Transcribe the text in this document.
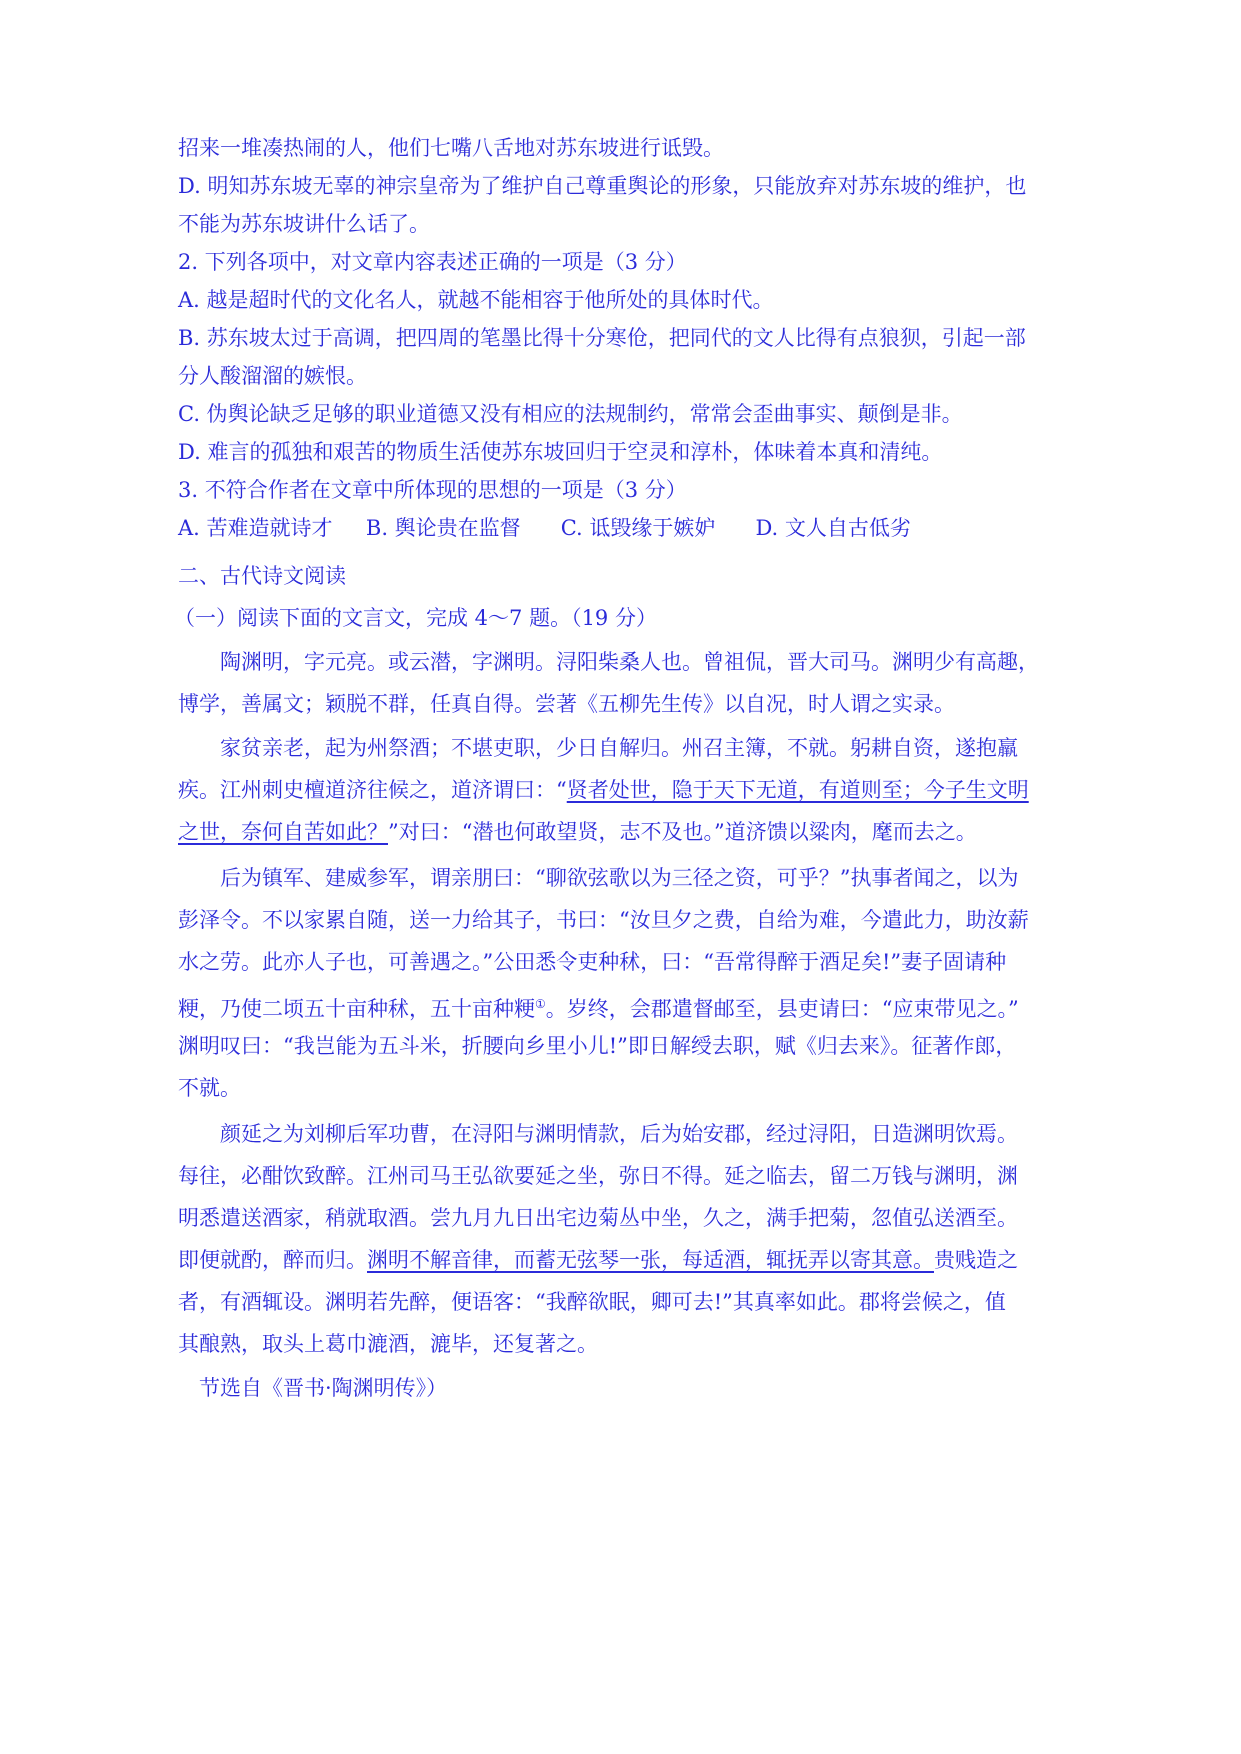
招来一堆凑热闹的人，他们七嘴八舌地对苏东坡进行诋毁。
D. 明知苏东坡无辜的神宗皇帝为了维护自己尊重舆论的形象，只能放弃对苏东坡的维护，也
不能为苏东坡讲什么话了。
2. 下列各项中，对文章内容表述正确的一项是（3 分）
A. 越是超时代的文化名人，就越不能相容于他所处的具体时代。
B. 苏东坡太过于高调，把四周的笔墨比得十分寒伧，把同代的文人比得有点狼狈，引起一部
分人酸溜溜的嫉恨。
C. 伪舆论缺乏足够的职业道德又没有相应的法规制约，常常会歪曲事实、颠倒是非。
D. 难言的孤独和艰苦的物质生活使苏东坡回归于空灵和淳朴，体味着本真和清纯。
3. 不符合作者在文章中所体现的思想的一项是（3 分）
A. 苦难造就诗才     B. 舆论贵在监督      C. 诋毁缘于嫉妒      D. 文人自古低劣
二、古代诗文阅读
（一）阅读下面的文言文，完成 4～7 题。（19 分）
　　陶渊明，字元亮。或云潜，字渊明。浔阳柴桑人也。曾祖侃，晋大司马。渊明少有高趣，
博学，善属文；颖脱不群，任真自得。尝著《五柳先生传》以自况，时人谓之实录。
　　家贫亲老，起为州祭酒；不堪吏职，少日自解归。州召主簿，不就。躬耕自资，遂抱羸
疾。江州刺史檀道济往候之，道济谓曰：“贤者处世，隐于天下无道，有道则至；今子生文明
之世，奈何自苦如此？”对曰：“潜也何敢望贤，志不及也。”道济馈以粱肉，麾而去之。
　　后为镇军、建威参军，谓亲朋曰：“聊欲弦歌以为三径之资，可乎？”执事者闻之，以为
彭泽令。不以家累自随，送一力给其子，书曰：“汝旦夕之费，自给为难，今遣此力，助汝薪
水之劳。此亦人子也，可善遇之。”公田悉令吏种秫，曰：“吾常得醉于酒足矣!”妻子固请种
粳，乃使二顷五十亩种秫，五十亩种粳①。岁终，会郡遣督邮至，县吏请曰：“应束带见之。”
渊明叹曰：“我岂能为五斗米，折腰向乡里小儿!”即日解绶去职，赋《归去来》。征著作郎，
不就。
　　颜延之为刘柳后军功曹，在浔阳与渊明情款，后为始安郡，经过浔阳，日造渊明饮焉。
每往，必酣饮致醉。江州司马王弘欲要延之坐，弥日不得。延之临去，留二万钱与渊明，渊
明悉遣送酒家，稍就取酒。尝九月九日出宅边菊丛中坐，久之，满手把菊，忽值弘送酒至。
即便就酌，醉而归。渊明不解音律，而蓄无弦琴一张，每适酒，辄抚弄以寄其意。贵贱造之
者，有酒辄设。渊明若先醉，便语客：“我醉欲眠，卿可去!”其真率如此。郡将尝候之，值
其酿熟，取头上葛巾漉酒，漉毕，还复著之。
　节选自《晋书·陶渊明传》）
